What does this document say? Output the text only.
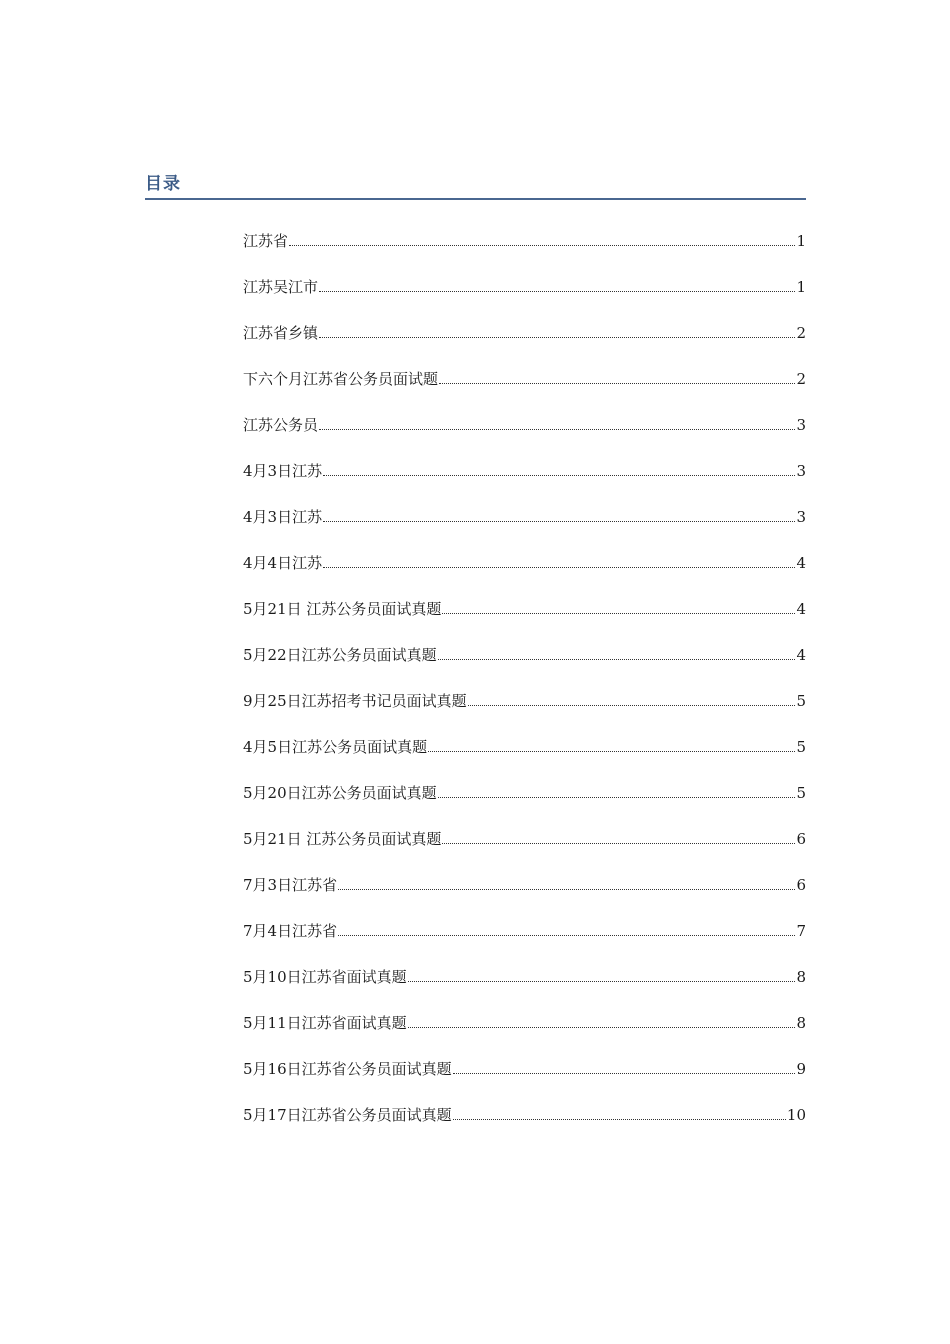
目录
江苏省	1
江苏吴江市	1
江苏省乡镇	2
下六个月江苏省公务员面试题	2
江苏公务员	3
4月3日江苏	3
4月3日江苏	3
4月4日江苏	4
5月21日 江苏公务员面试真题	4
5月22日江苏公务员面试真题	4
9月25日江苏招考书记员面试真题	5
4月5日江苏公务员面试真题	5
5月20日江苏公务员面试真题	5
5月21日 江苏公务员面试真题	6
7月3日江苏省	6
7月4日江苏省	7
5月10日江苏省面试真题	8
5月11日江苏省面试真题	8
5月16日江苏省公务员面试真题	9
5月17日江苏省公务员面试真题	10
